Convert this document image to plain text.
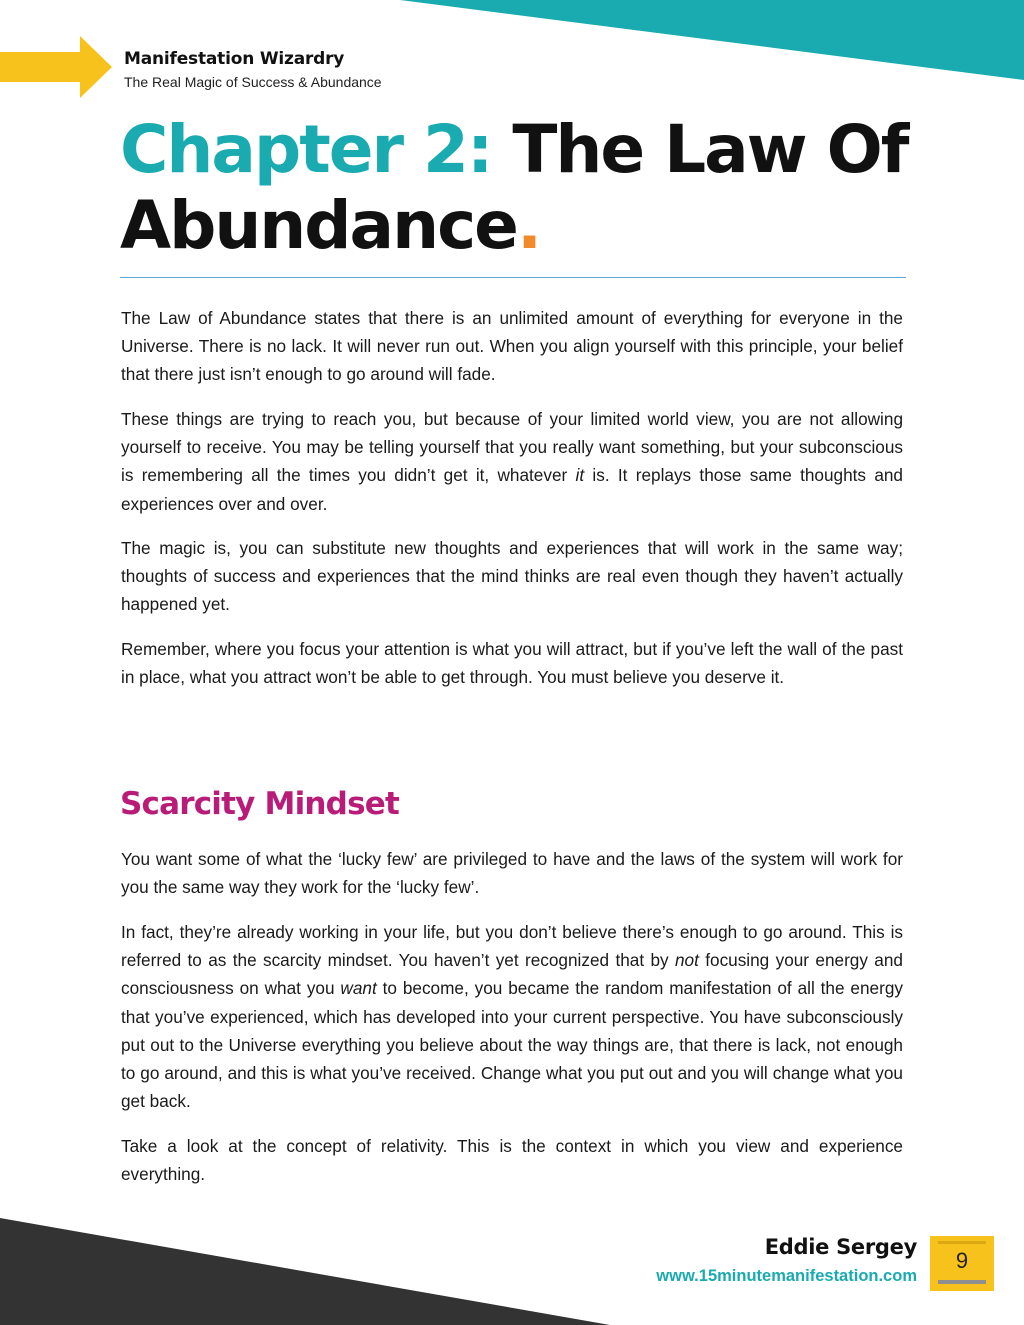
Manifestation Wizardry
The Real Magic of Success & Abundance
Chapter 2: The Law Of
Abundance.

The Law of Abundance states that there is an unlimited amount of everything for everyone in the Universe. There is no lack. It will never run out. When you align yourself with this principle, your belief that there just isn’t enough to go around will fade.

These things are trying to reach you, but because of your limited world view, you are not allowing yourself to receive. You may be telling yourself that you really want something, but your subconscious is remembering all the times you didn’t get it, whatever it is. It replays those same thoughts and experiences over and over.

The magic is, you can substitute new thoughts and experiences that will work in the same way; thoughts of success and experiences that the mind thinks are real even though they haven’t actually happened yet.

Remember, where you focus your attention is what you will attract, but if you’ve left the wall of the past in place, what you attract won’t be able to get through. You must believe you deserve it.

Scarcity Mindset

You want some of what the ‘lucky few’ are privileged to have and the laws of the system will work for you the same way they work for the ‘lucky few’.

In fact, they’re already working in your life, but you don’t believe there’s enough to go around. This is referred to as the scarcity mindset. You haven’t yet recognized that by not focusing your energy and consciousness on what you want to become, you became the random manifestation of all the energy that you’ve experienced, which has developed into your current perspective. You have subconsciously put out to the Universe everything you believe about the way things are, that there is lack, not enough to go around, and this is what you’ve received. Change what you put out and you will change what you get back.

Take a look at the concept of relativity. This is the context in which you view and experience everything.

Eddie Sergey
www.15minutemanifestation.com
9
